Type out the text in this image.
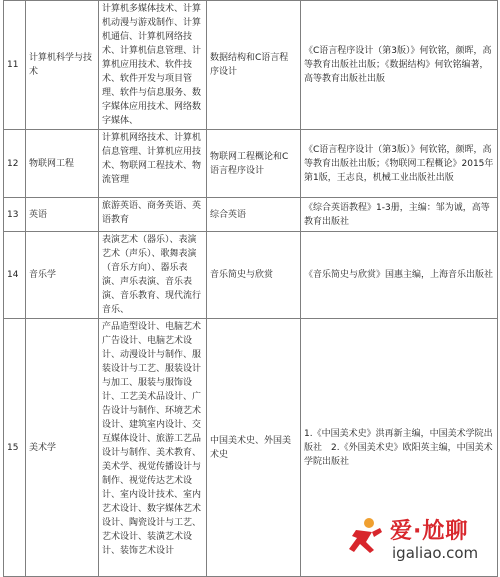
11	计算机科学与技术	计算机多媒体技术、计算机动漫与游戏制作、计算机通信、计算机网络技术、计算机信息管理、计算机应用技术、软件技术、软件开发与项目管理、软件与信息服务、数字媒体应用技术、网络数字媒体、	数据结构和C语言程序设计	《C语言程序设计（第3版）》何钦铭，颜晖，高等教育出版社出版；《数据结构》何钦铭编著，高等教育出版社出版
12	物联网工程	计算机网络技术、计算机信息管理、计算机应用技术、物联网工程技术、物流管理	物联网工程概论和C语言程序设计	《C语言程序设计（第3版）》何钦铭，颜晖，高等教育出版社出版；《物联网工程概论》2015年第1版，王志良，机械工业出版社出版
13	英语	旅游英语、商务英语、英语教育	综合英语	《综合英语教程》1-3册，主编：邹为诚，高等教育出版社
14	音乐学	表演艺术（器乐）、表演艺术（声乐）、歌舞表演（音乐方向）、器乐表演、声乐表演、音乐表演、音乐教育、现代流行音乐、	音乐简史与欣赏	《音乐简史与欣赏》国惠主编，上海音乐出版社
15	美术学	产品造型设计、电脑艺术广告设计、电脑艺术设计、动漫设计与制作、服装设计与工艺、服装设计与加工、服装与服饰设计、工艺美术品设计、广告设计与制作、环境艺术设计、建筑室内设计、交互媒体设计、旅游工艺品设计与制作、美术教育、美术学、视觉传播设计与制作、视觉传达艺术设计、室内设计技术、室内艺术设计、数字媒体艺术设计、陶瓷设计与工艺、艺术设计、装潢艺术设计、装饰艺术设计	中国美术史、外国美术史	1.《中国美术史》洪再新主编，中国美术学院出版社　2.《外国美术史》欧阳英主编，中国美术学院出版社
爱·尬聊
igaliao.com
